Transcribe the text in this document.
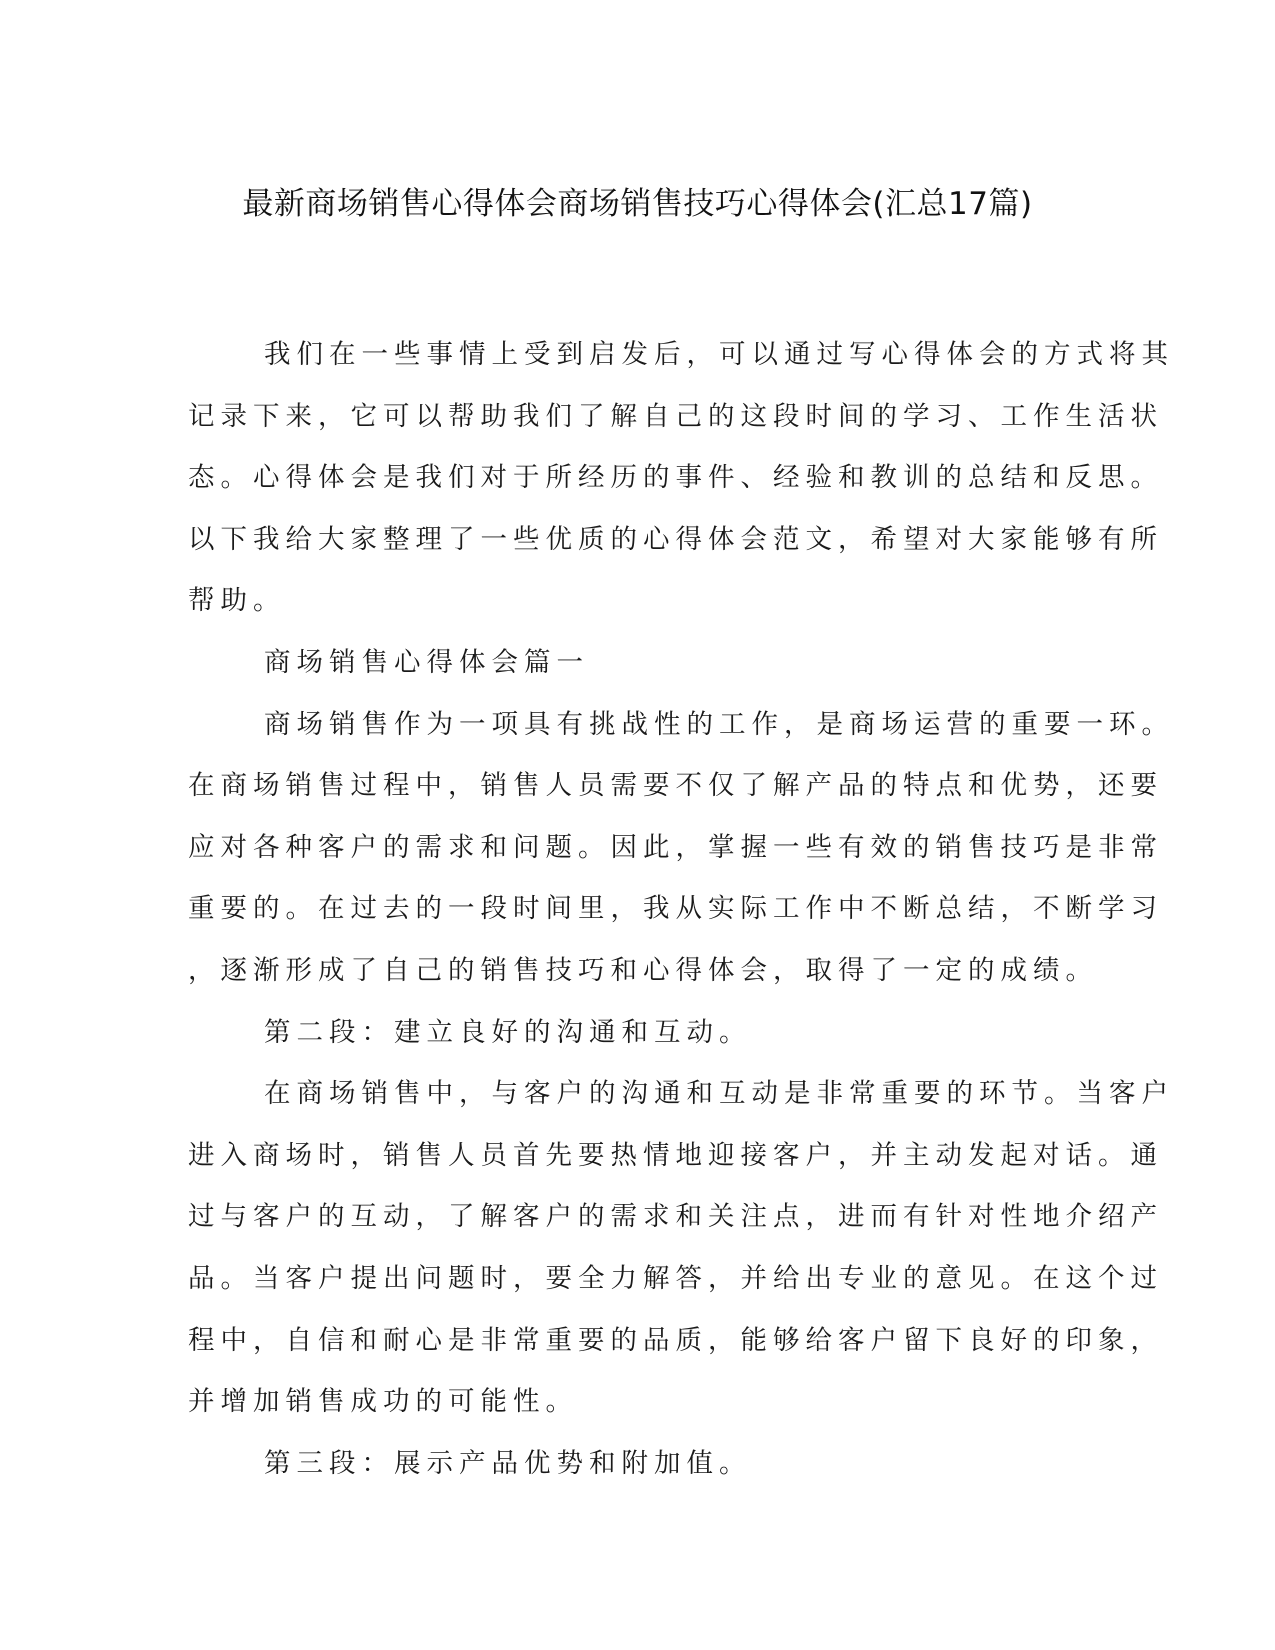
最新商场销售心得体会商场销售技巧心得体会(汇总17篇)
我们在一些事情上受到启发后，可以通过写心得体会的方式将其
记录下来，它可以帮助我们了解自己的这段时间的学习、工作生活状
态。心得体会是我们对于所经历的事件、经验和教训的总结和反思。
以下我给大家整理了一些优质的心得体会范文，希望对大家能够有所
帮助。
商场销售心得体会篇一
商场销售作为一项具有挑战性的工作，是商场运营的重要一环。
在商场销售过程中，销售人员需要不仅了解产品的特点和优势，还要
应对各种客户的需求和问题。因此，掌握一些有效的销售技巧是非常
重要的。在过去的一段时间里，我从实际工作中不断总结，不断学习
，逐渐形成了自己的销售技巧和心得体会，取得了一定的成绩。
第二段：建立良好的沟通和互动。
在商场销售中，与客户的沟通和互动是非常重要的环节。当客户
进入商场时，销售人员首先要热情地迎接客户，并主动发起对话。通
过与客户的互动，了解客户的需求和关注点，进而有针对性地介绍产
品。当客户提出问题时，要全力解答，并给出专业的意见。在这个过
程中，自信和耐心是非常重要的品质，能够给客户留下良好的印象，
并增加销售成功的可能性。
第三段：展示产品优势和附加值。
